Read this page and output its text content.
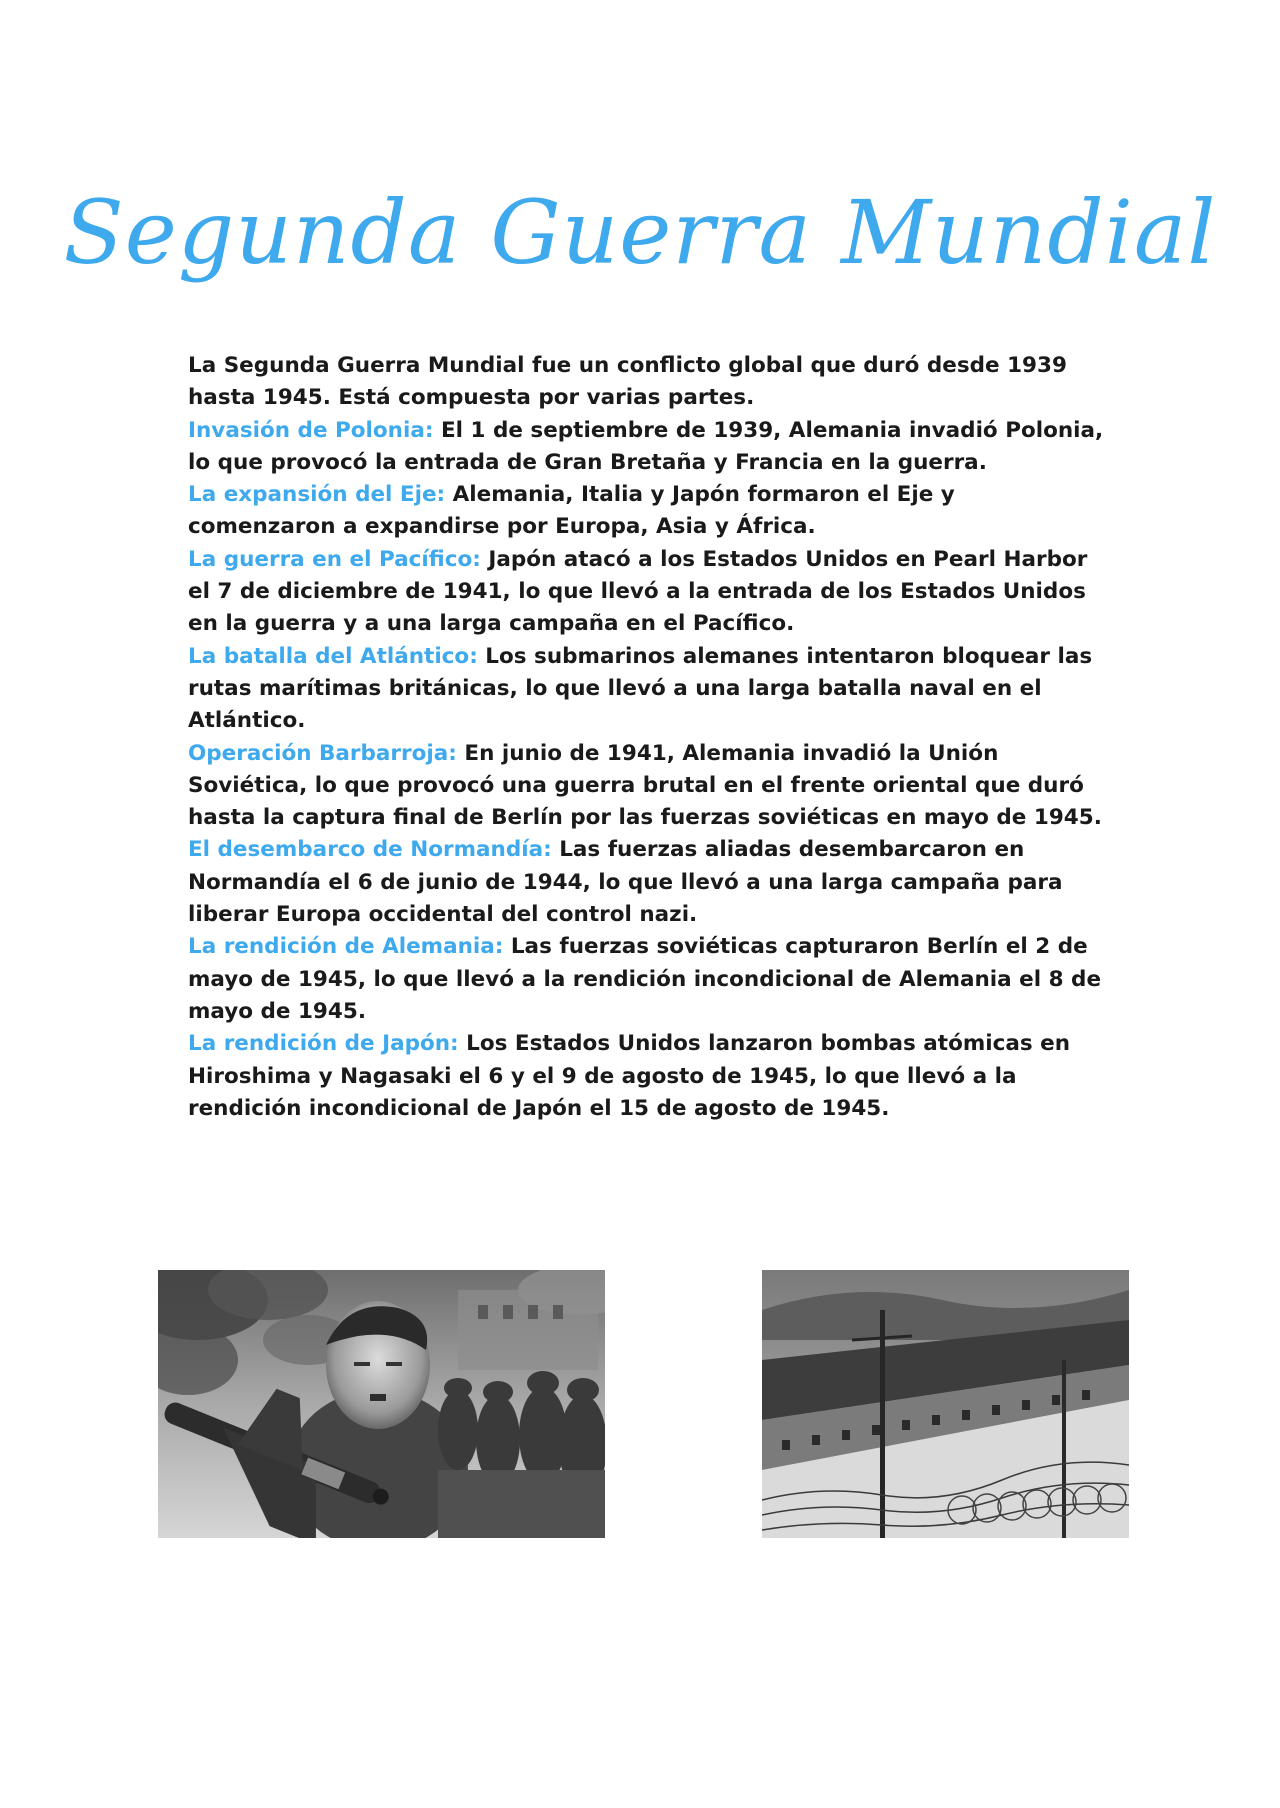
Segunda Guerra Mundial

La Segunda Guerra Mundial fue un conflicto global que duró desde 1939 hasta 1945. Está compuesta por varias partes.

Invasión de Polonia: El 1 de septiembre de 1939, Alemania invadió Polonia, lo que provocó la entrada de Gran Bretaña y Francia en la guerra.

La expansión del Eje: Alemania, Italia y Japón formaron el Eje y comenzaron a expandirse por Europa, Asia y África.

La guerra en el Pacífico: Japón atacó a los Estados Unidos en Pearl Harbor el 7 de diciembre de 1941, lo que llevó a la entrada de los Estados Unidos en la guerra y a una larga campaña en el Pacífico.

La batalla del Atlántico: Los submarinos alemanes intentaron bloquear las rutas marítimas británicas, lo que llevó a una larga batalla naval en el Atlántico.

Operación Barbarroja: En junio de 1941, Alemania invadió la Unión Soviética, lo que provocó una guerra brutal en el frente oriental que duró hasta la captura final de Berlín por las fuerzas soviéticas en mayo de 1945.

El desembarco de Normandía: Las fuerzas aliadas desembarcaron en Normandía el 6 de junio de 1944, lo que llevó a una larga campaña para liberar Europa occidental del control nazi.

La rendición de Alemania: Las fuerzas soviéticas capturaron Berlín el 2 de mayo de 1945, lo que llevó a la rendición incondicional de Alemania el 8 de mayo de 1945.

La rendición de Japón: Los Estados Unidos lanzaron bombas atómicas en Hiroshima y Nagasaki el 6 y el 9 de agosto de 1945, lo que llevó a la rendición incondicional de Japón el 15 de agosto de 1945.
